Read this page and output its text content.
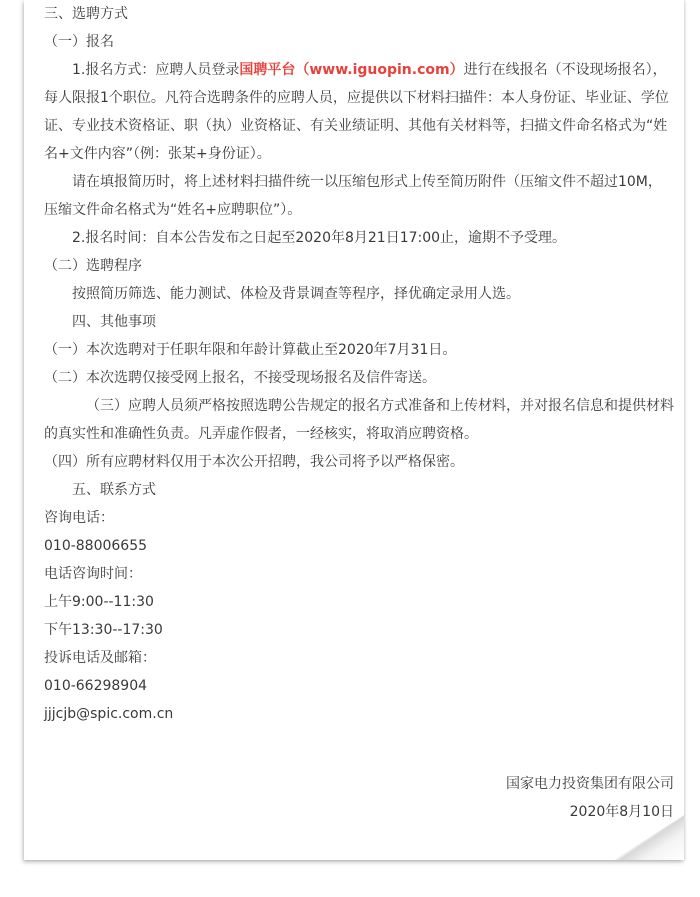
三、选聘方式

（一）报名

1.报名方式：应聘人员登录国聘平台（www.iguopin.com）进行在线报名（不设现场报名），每人限报1个职位。凡符合选聘条件的应聘人员，应提供以下材料扫描件：本人身份证、毕业证、学位证、专业技术资格证、职（执）业资格证、有关业绩证明、其他有关材料等，扫描文件命名格式为“姓名+文件内容”（例：张某+身份证）。

请在填报简历时，将上述材料扫描件统一以压缩包形式上传至简历附件（压缩文件不超过10M，压缩文件命名格式为“姓名+应聘职位”）。

2.报名时间：自本公告发布之日起至2020年8月21日17:00止，逾期不予受理。

（二）选聘程序

按照简历筛选、能力测试、体检及背景调查等程序，择优确定录用人选。

四、其他事项

（一）本次选聘对于任职年限和年龄计算截止至2020年7月31日。

（二）本次选聘仅接受网上报名，不接受现场报名及信件寄送。

（三）应聘人员须严格按照选聘公告规定的报名方式准备和上传材料，并对报名信息和提供材料的真实性和准确性负责。凡弄虚作假者，一经核实，将取消应聘资格。

（四）所有应聘材料仅用于本次公开招聘，我公司将予以严格保密。

五、联系方式

咨询电话：

010-88006655

电话咨询时间：

上午9:00--11:30

下午13:30--17:30

投诉电话及邮箱：

010-66298904

jjjcjb@spic.com.cn

国家电力投资集团有限公司

2020年8月10日
